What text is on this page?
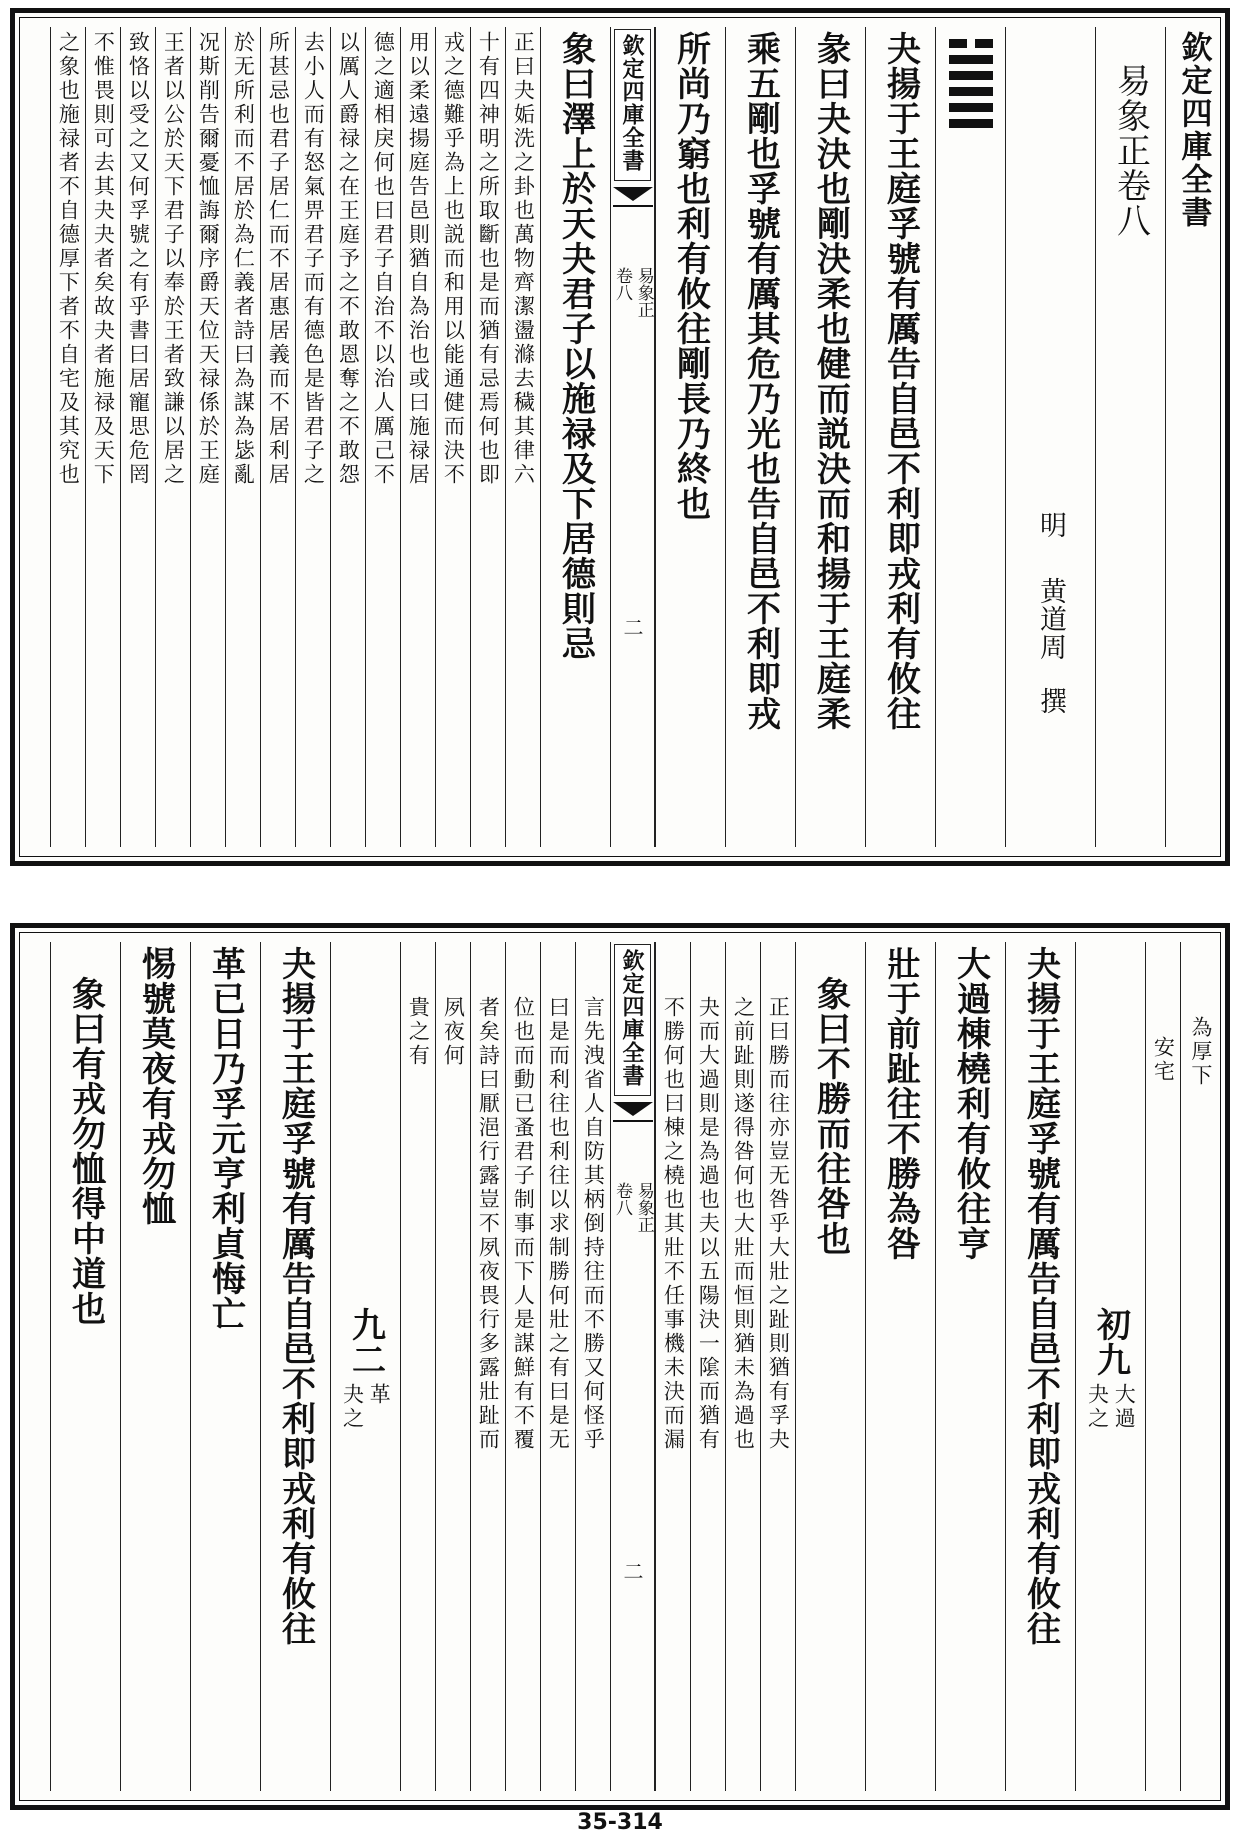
欽定四庫全書
易象正卷八
明
黄道周
撰
夬揚于王庭孚號有厲告自邑不利即戎利有攸往
彖曰夬決也剛決柔也健而説決而和揚于王庭柔
乘五剛也孚號有厲其危乃光也告自邑不利即戎
所尚乃窮也利有攸往剛長乃終也
欽定四庫全書
卷八 易象正
二
象曰澤上於天夬君子以施禄及下居德則忌
正曰夬姤洗之卦也萬物齊潔盪滌去穢其律六
十有四神明之所取斷也是而猶有忌焉何也即
戎之德難乎為上也説而和用以能通健而決不
用以柔遠揚庭告邑則猶自為治也或曰施禄居
德之適相戾何也曰君子自治不以治人厲己不
以厲人爵禄之在王庭予之不敢恩奪之不敢怨
去小人而有怒氣畀君子而有德色是皆君子之
所甚忌也君子居仁而不居惠居義而不居利居
於无所利而不居於為仁義者詩曰為謀為毖亂
况斯削告爾憂恤誨爾序爵天位天禄係於王庭
王者以公於天下君子以奉於王者致謙以居之
致恪以受之又何孚號之有乎書曰居寵思危罔
不惟畏則可去其夬夬者矣故夬者施禄及天下
之象也施禄者不自德厚下者不自宅及其究也
為厚下
安宅
初九
夬之 大過
夬揚于王庭孚號有厲告自邑不利即戎利有攸往
大過棟橈利有攸往亨
壯于前趾往不勝為咎
象曰不勝而往咎也
正曰勝而往亦豈无咎乎大壯之趾則猶有孚夬
之前趾則遂得咎何也大壯而恒則猶未為過也
夬而大過則是為過也夫以五陽決一隂而猶有
不勝何也曰棟之橈也其壯不任事機未決而漏
欽定四庫全書
卷八 易象正
二
言先洩省人自防其柄倒持往而不勝又何怪乎
曰是而利往也利往以求制勝何壯之有曰是无
位也而動已蚤君子制事而下人是謀鮮有不覆
者矣詩曰厭浥行露豈不夙夜畏行多露壯趾而
夙夜何
貴之有
九二
夬之 革
夬揚于王庭孚號有厲告自邑不利即戎利有攸往
革已日乃孚元亨利貞悔亡
惕號莫夜有戎勿恤
象曰有戎勿恤得中道也
35-314
